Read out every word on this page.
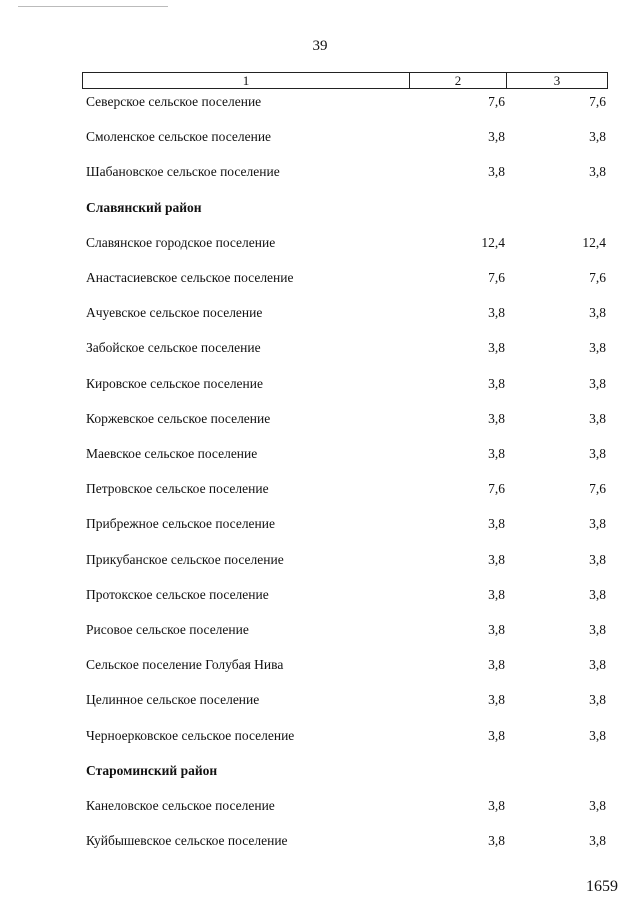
39
1	2	3
Северское сельское поселение	7,6	7,6
Смоленское сельское поселение	3,8	3,8
Шабановское сельское поселение	3,8	3,8
Славянский район
Славянское городское поселение	12,4	12,4
Анастасиевское сельское поселение	7,6	7,6
Ачуевское сельское поселение	3,8	3,8
Забойское сельское поселение	3,8	3,8
Кировское сельское поселение	3,8	3,8
Коржевское сельское поселение	3,8	3,8
Маевское сельское поселение	3,8	3,8
Петровское сельское поселение	7,6	7,6
Прибрежное сельское поселение	3,8	3,8
Прикубанское сельское поселение	3,8	3,8
Протокское сельское поселение	3,8	3,8
Рисовое сельское поселение	3,8	3,8
Сельское поселение Голубая Нива	3,8	3,8
Целинное сельское поселение	3,8	3,8
Черноерковское сельское поселение	3,8	3,8
Староминский район
Канеловское сельское поселение	3,8	3,8
Куйбышевское сельское поселение	3,8	3,8
1659
